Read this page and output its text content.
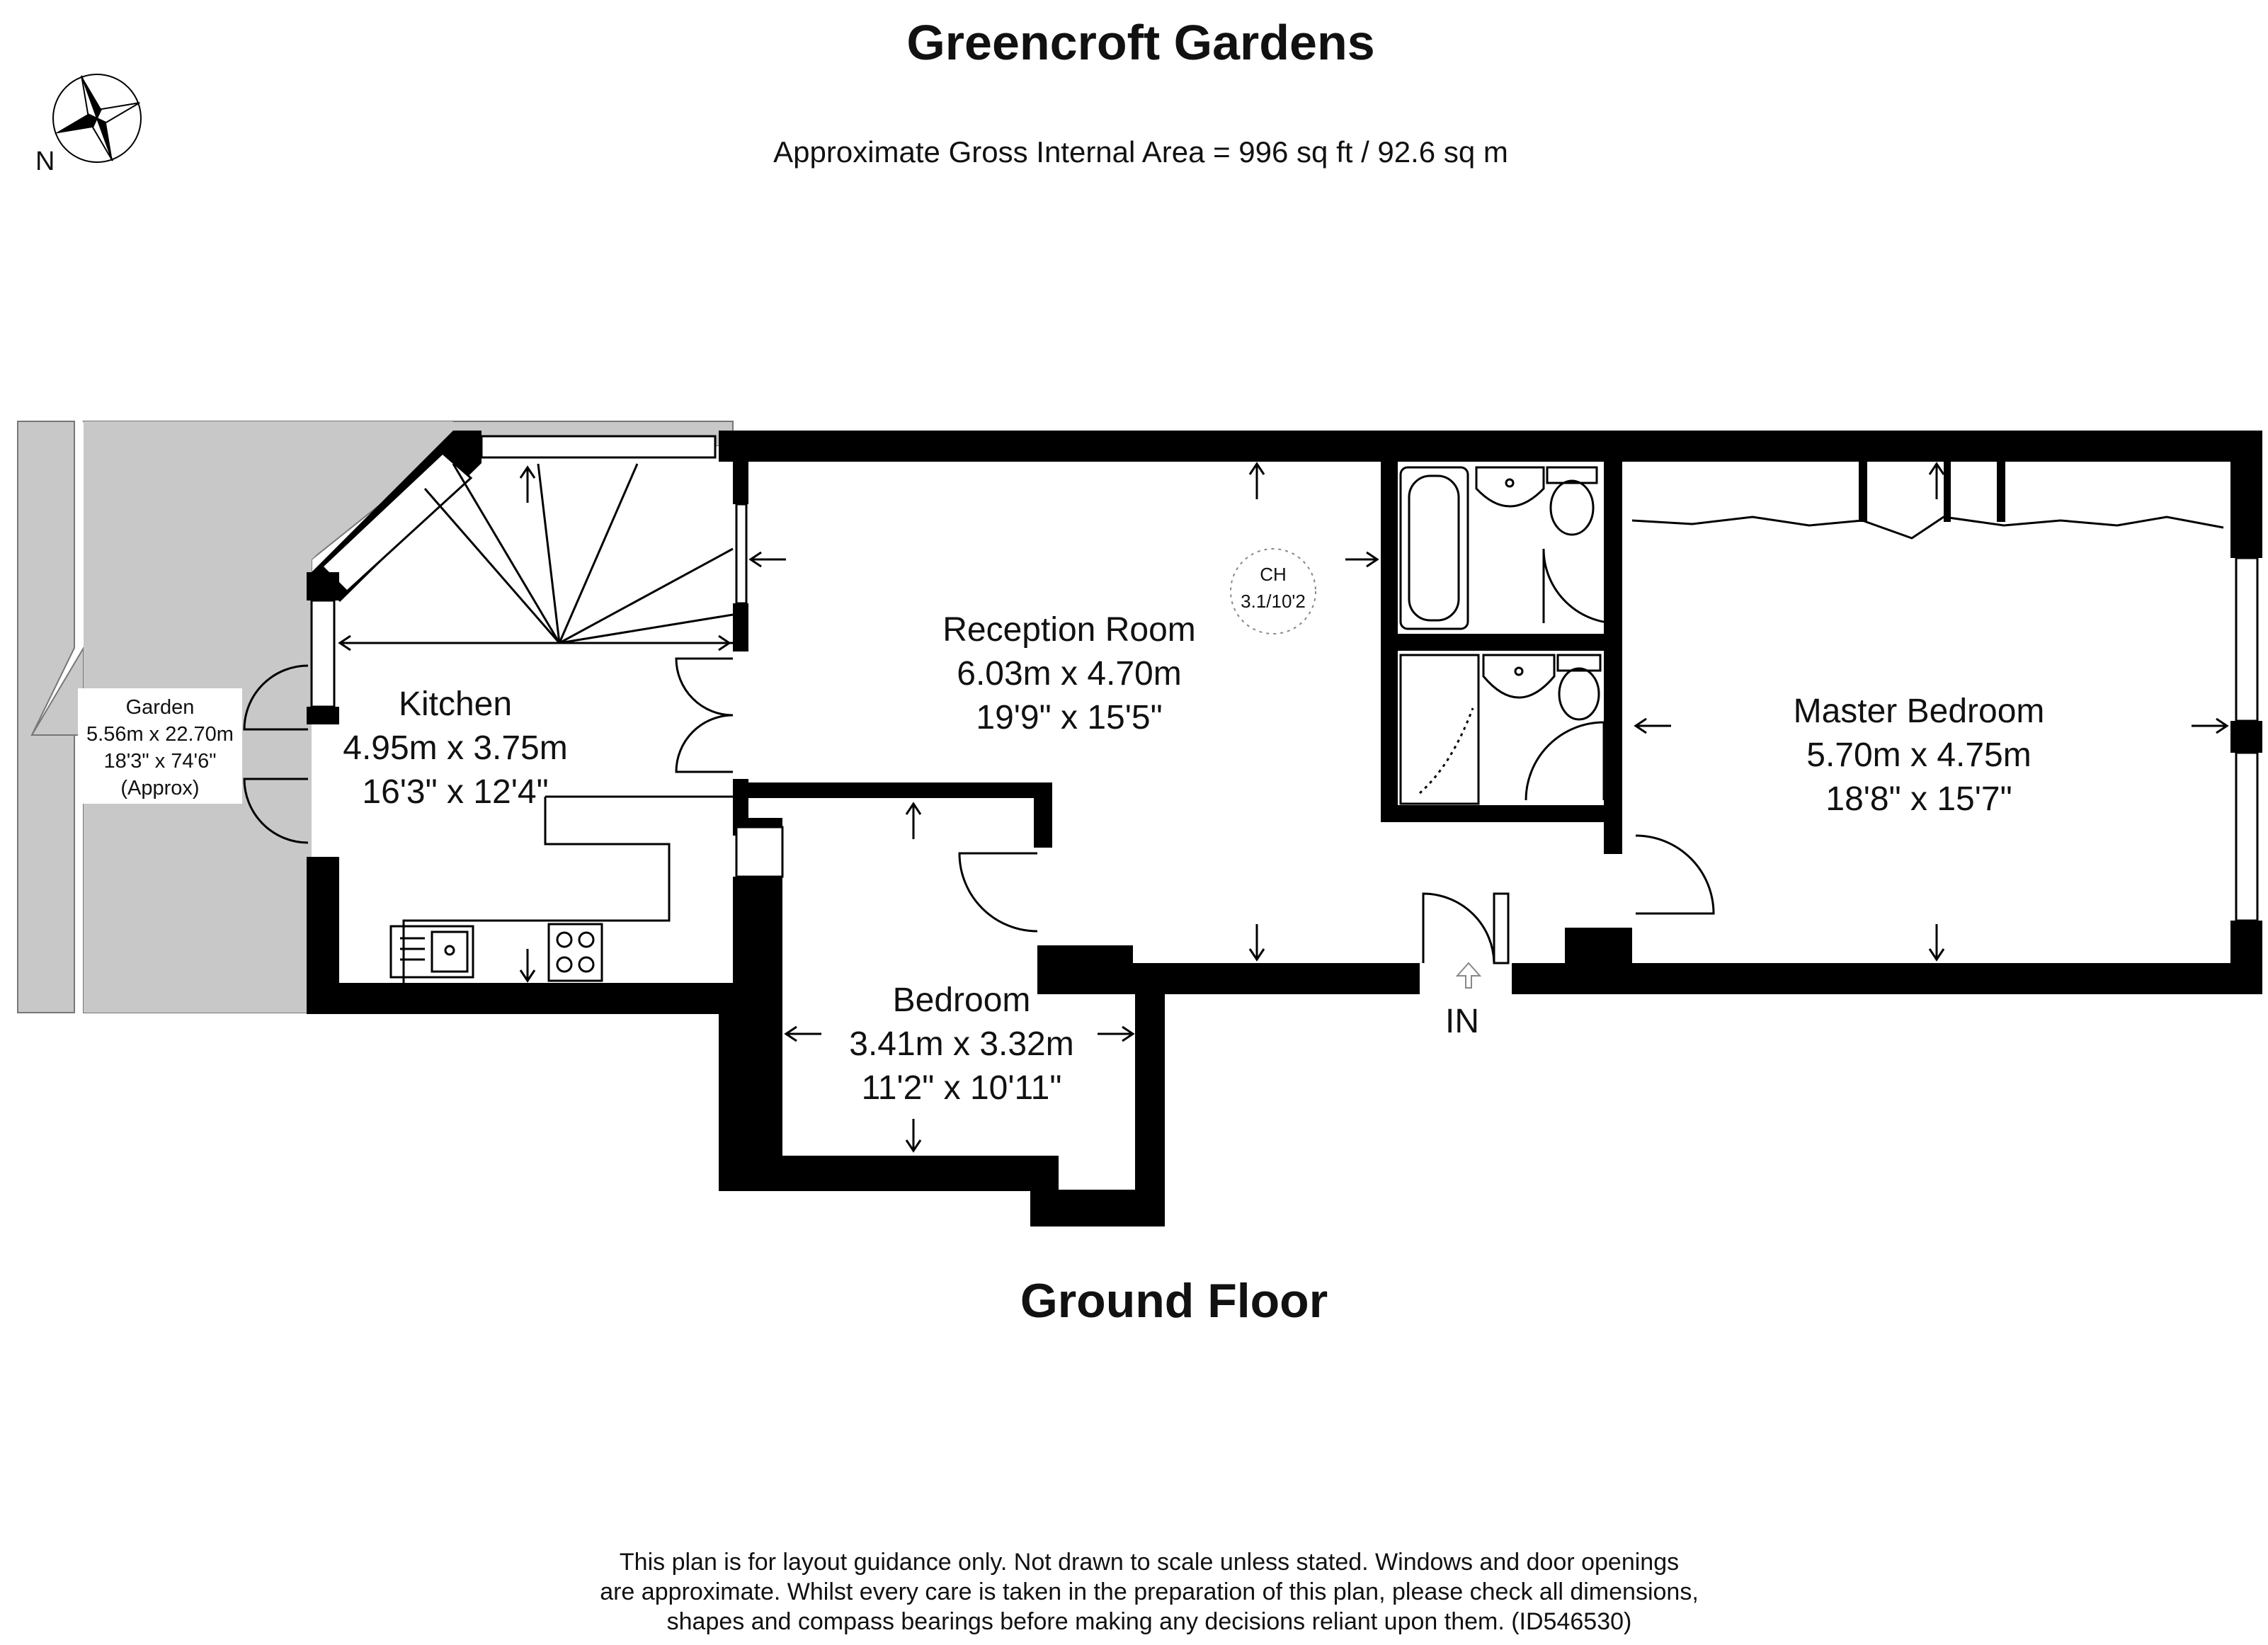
Greencroft Gardens
Approximate Gross Internal Area = 996 sq ft / 92.6 sq m
N
Garden
5.56m x 22.70m
18'3" x 74'6"
(Approx)
IN
CH
3.1/10'2
Kitchen
4.95m x 3.75m
16'3" x 12'4"
Reception Room
6.03m x 4.70m
19'9" x 15'5"	Master Bedroom
5.70m x 4.75m
18'8" x 15'7"
Bedroom
3.41m x 3.32m
11'2" x 10'11"
Ground Floor
This plan is for layout guidance only. Not drawn to scale unless stated. Windows and door openings
are approximate. Whilst every care is taken in the preparation of this plan, please check all dimensions,
shapes and compass bearings before making any decisions reliant upon them. (ID546530)
